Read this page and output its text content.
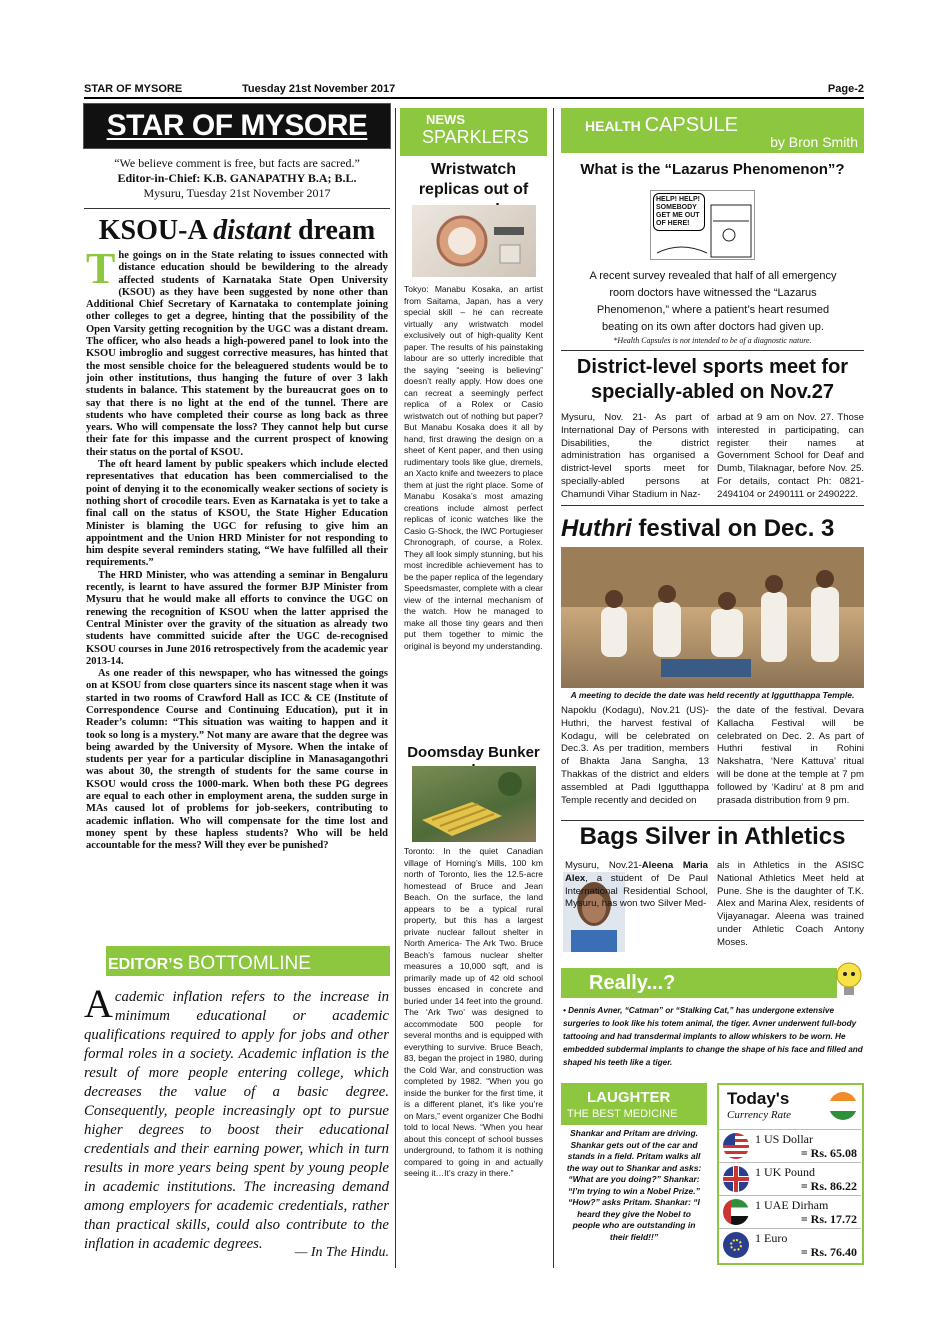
STAR OF MYSORE	Tuesday 21st November 2017	Page-2
STAR OF MYSORE
“We believe comment is free, but facts are sacred.”
Editor-in-Chief: K.B. GANAPATHY B.A; B.L.
Mysuru, Tuesday 21st November 2017
KSOU-A distant dream

The goings on in the State relating to issues connected with distance education should be bewildering to the already affected students of Karnataka State Open University (KSOU) as they have been suggested by none other than Additional Chief Secretary of Karnataka to contemplate joining other colleges to get a degree, hinting that the possibility of the Open Varsity getting recognition by the UGC was a distant dream. The officer, who also heads a high-powered panel to look into the KSOU imbroglio and suggest corrective measures, has hinted that the most sensible choice for the beleaguered students would be to join other institutions, thus hanging the future of over 3 lakh students in balance. This statement by the bureaucrat goes on to say that there is no light at the end of the tunnel. There are students who have completed their course as long back as three years. Who will compensate the loss? They cannot help but curse their fate for this impasse and the current prospect of knowing their status on the portal of KSOU.

The oft heard lament by public speakers which include elected representatives that education has been commercialised to the point of denying it to the economically weaker sections of society is nothing short of crocodile tears. Even as Karnataka is yet to take a final call on the status of KSOU, the State Higher Education Minister is blaming the UGC for refusing to give him an appointment and the Union HRD Minister for not responding to him despite several reminders stating, “We have fulfilled all their requirements.”

The HRD Minister, who was attending a seminar in Bengaluru recently, is learnt to have assured the former BJP Minister from Mysuru that he would make all efforts to convince the UGC on renewing the recognition of KSOU when the latter apprised the Central Minister over the gravity of the situation as already two students have committed suicide after the UGC de-recognised KSOU courses in June 2016 retrospectively from the academic year 2013-14.

As one reader of this newspaper, who has witnessed the goings on at KSOU from close quarters since its nascent stage when it was started in two rooms of Crawford Hall as ICC & CE (Institute of Correspondence Course and Continuing Education), put it in Reader’s column: “This situation was waiting to happen and it took so long is a mystery.” Not many are aware that the degree was being awarded by the University of Mysore. When the intake of students per year for a particular discipline in Manasagangothri was about 30, the strength of students for the same course in KSOU would cross the 1000-mark. When both these PG degrees are equal to each other in employment arena, the sudden surge in MAs caused lot of problems for job-seekers, contributing to academic inflation. Who will compensate for the time lost and money spent by these hapless students? Who will be held accountable for the mess? Will they ever be punished?

EDITOR’S BOTTOMLINE
Academic inflation refers to the increase in minimum educational or academic qualifications required to apply for jobs and other formal roles in a society. Academic inflation is the result of more people entering college, which decreases the value of a basic degree. Consequently, people increasingly opt to pursue higher degrees to boost their educational credentials and their earning power, which in turn results in more years being spent by young people in academic institutions. The increasing demand among employers for academic credentials, rather than practical skills, could also contribute to the inflation in academic degrees.
— In The Hindu.
NEWS
SPARKLERS
Wristwatch replicas out of
Tokyo: Manabu Kosaka, an artist from Saitama, Japan, has a very special skill – he can recreate virtually any wristwatch model exclusively out of high-quality Kent paper. The results of his painstaking labour are so utterly incredible that the saying “seeing is believing” doesn’t really apply. How does one can recreat a seemingly perfect replica of a Rolex or Casio wristwatch out of nothing but paper? But Manabu Kosaka does it all by hand, first drawing the design on a sheet of Kent paper, and then using rudimentary tools like glue, dremels, an Xacto knife and tweezers to place them at just the right place. Some of Manabu Kosaka’s most amazing creations include almost perfect replicas of iconic watches like the Casio G-Shock, the IWC Portugieser Chronograph, of course, a Rolex. They all look simply stunning, but his most incredible achievement has to be the paper replica of the legendary Speedsmaster, complete with a clear view of the internal mechanism of the watch. How he managed to make all those tiny gears and then put them together to mimic the original is beyond my understanding.
Doomsday Bunker
Toronto: In the quiet Canadian village of Horning’s Mills, 100 km north of Toronto, lies the 12.5-acre homestead of Bruce and Jean Beach. On the surface, the land appears to be a typical rural property, but this has a largest private nuclear fallout shelter in North America- The Ark Two. Bruce Beach’s famous nuclear shelter measures a 10,000 sqft, and is primarily made up of 42 old school busses encased in concrete and buried under 14 feet into the ground. The ‘Ark Two’ was designed to accommodate 500 people for several months and is equipped with everything to survive. Bruce Beach, 83, began the project in 1980, during the Cold War, and construction was completed by 1982. “When you go inside the bunker for the first time, it is a different planet, it’s like you’re on Mars,” event organizer Che Bodhi told to local News. “When you hear about this concept of school busses underground, to fathom it is nothing compared to going in and actually seeing it…It’s crazy in there.”
HEALTH CAPSULE
by Bron Smith
What is the “Lazarus Phenomenon”?
HELP! HELP! SOMEBODY GET ME OUT OF HERE!
A recent survey revealed that half of all emergency room doctors have witnessed the “Lazarus Phenomenon,” where a patient’s heart resumed beating on its own after doctors had given up.
*Health Capsules is not intended to be of a diagnostic nature.
District-level sports meet for specially-abled on Nov.27
Mysuru, Nov. 21- As part of International Day of Persons with Disabilities, the district administration has organised a district-level sports meet for specially-abled persons at Chamundi Vihar Stadium in Naz-
arbad at 9 am on Nov. 27. Those interested in participating, can register their names at Government School for Deaf and Dumb, Tilaknagar, before Nov. 25. For details, contact Ph: 0821-2494104 or 2490111 or 2490222.
Huthri festival on Dec. 3
A meeting to decide the date was held recently at Iggutthappa Temple.
Napoklu (Kodagu), Nov.21 (US)- Huthri, the harvest festival of Kodagu, will be celebrated on Dec.3. As per tradition, members of Bhakta Jana Sangha, 13 Thakkas of the district and elders assembled at Padi Iggutthappa Temple recently and decided on
the date of the festival. Devara Kallacha Festival will be celebrated on Dec. 2. As part of Huthri festival in Rohini Nakshatra, ‘Nere Kattuva’ ritual will be done at the temple at 7 pm followed by ‘Kadiru’ at 8 pm and prasada distribution from 9 pm.
Bags Silver in Athletics
Mysuru, Nov.21-Aleena Maria Alex, a student of De Paul International Residential School, Mysuru, has won two Silver Med-
als in Athletics in the ASISC National Athletics Meet held at Pune. She is the daughter of T.K. Alex and Marina Alex, residents of Vijayanagar. Aleena was trained under Athletic Coach Antony Moses.
Really...?
• Dennis Avner, “Catman” or “Stalking Cat,” has undergone extensive surgeries to look like his totem animal, the tiger. Avner underwent full-body tattooing and had transdermal implants to allow whiskers to be worn. He embedded subdermal implants to change the shape of his face and filled and shaped his teeth like a tiger.
LAUGHTER
THE BEST MEDICINE
Shankar and Pritam are driving. Shankar gets out of the car and stands in a field. Pritam walks all the way out to Shankar and asks: “What are you doing?” Shankar: “I’m trying to win a Nobel Prize.” “How?” asks Pritam. Shankar: “I heard they give the Nobel to people who are outstanding in their field!!”
Today's
Currency Rate
1 US Dollar
= Rs. 65.08
1 UK Pound
= Rs. 86.22
1 UAE Dirham
= Rs. 17.72
1 Euro
= Rs. 76.40
